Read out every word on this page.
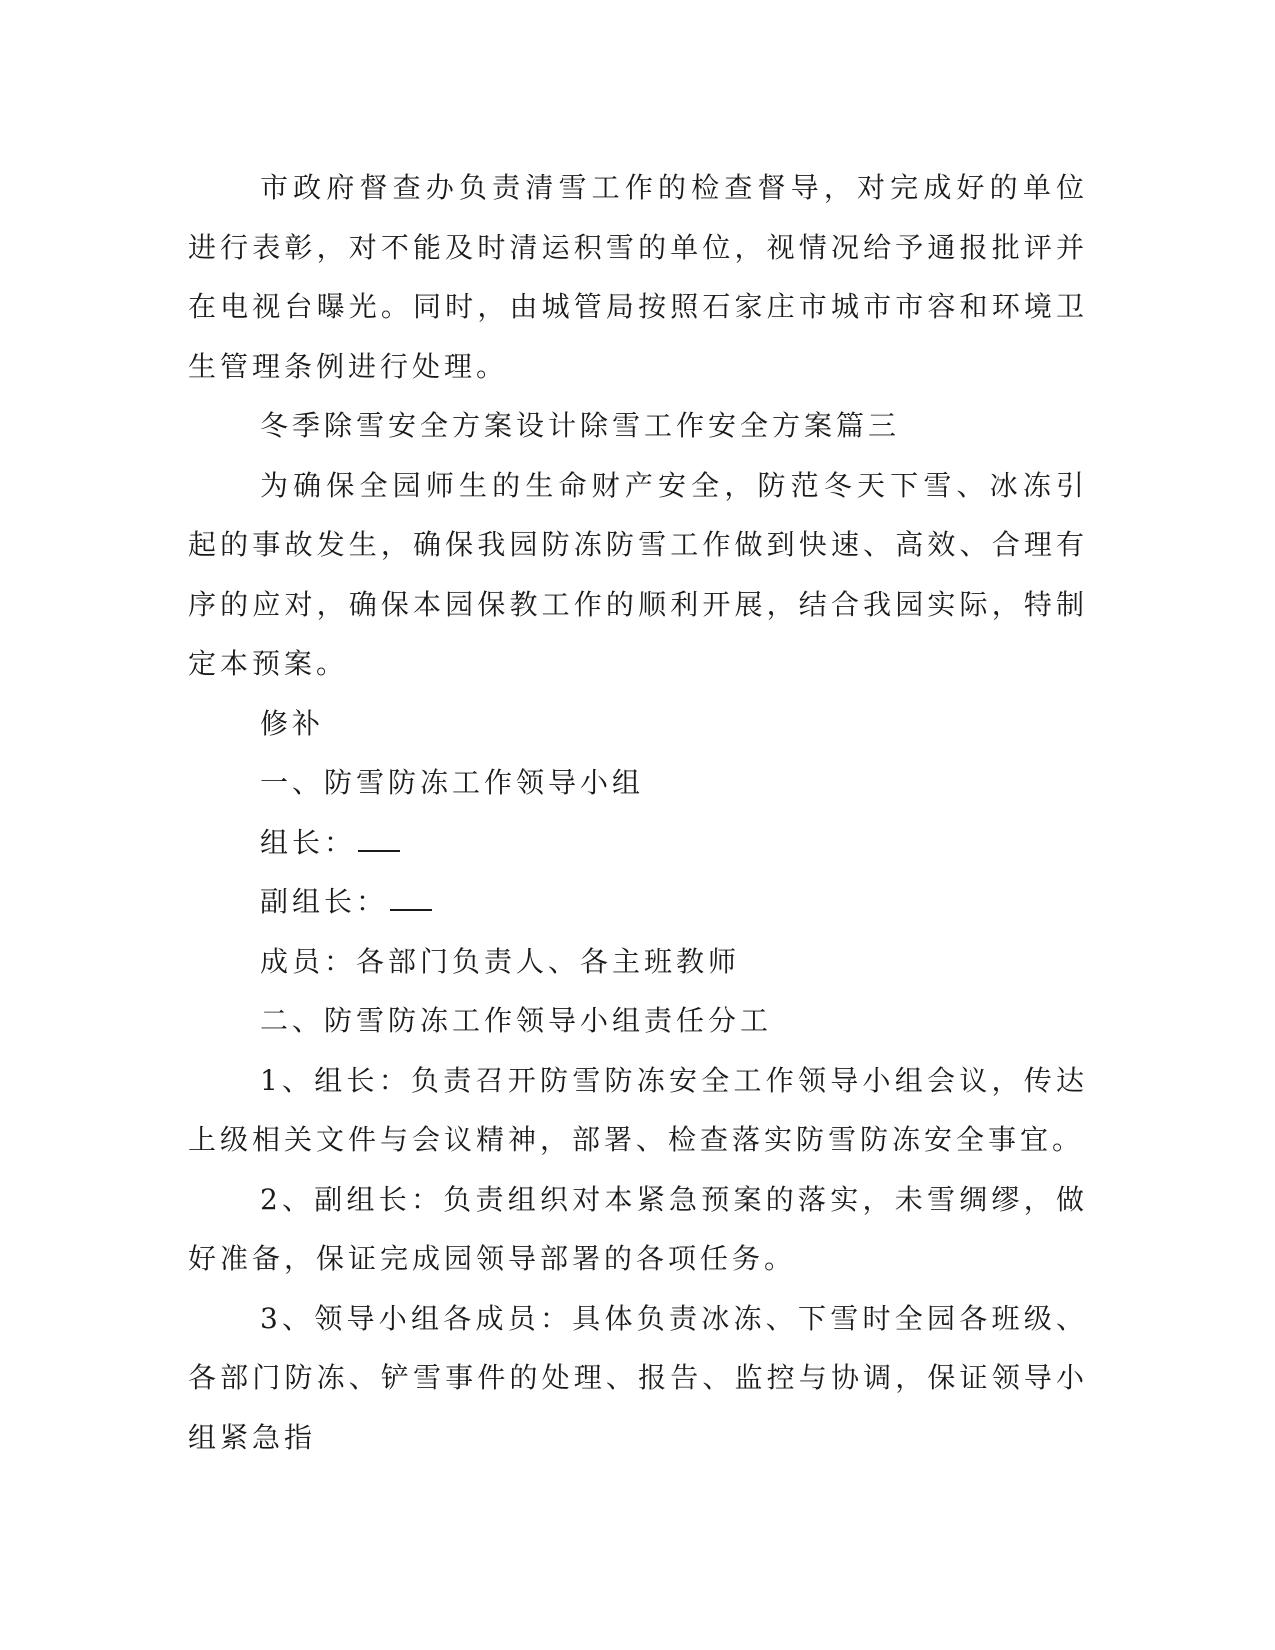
市政府督查办负责清雪工作的检查督导，对完成好的单位进行表彰，对不能及时清运积雪的单位，视情况给予通报批评并在电视台曝光。同时，由城管局按照石家庄市城市市容和环境卫生管理条例进行处理。

冬季除雪安全方案设计除雪工作安全方案篇三

为确保全园师生的生命财产安全，防范冬天下雪、冰冻引起的事故发生，确保我园防冻防雪工作做到快速、高效、合理有序的应对，确保本园保教工作的顺利开展，结合我园实际，特制定本预案。

修补

一、防雪防冻工作领导小组

组长：

副组长：

成员：各部门负责人、各主班教师

二、防雪防冻工作领导小组责任分工

1、组长：负责召开防雪防冻安全工作领导小组会议，传达上级相关文件与会议精神，部署、检查落实防雪防冻安全事宜。

2、副组长：负责组织对本紧急预案的落实，未雪绸缪，做好准备，保证完成园领导部署的各项任务。

3、领导小组各成员：具体负责冰冻、下雪时全园各班级、各部门防冻、铲雪事件的处理、报告、监控与协调，保证领导小组紧急指
